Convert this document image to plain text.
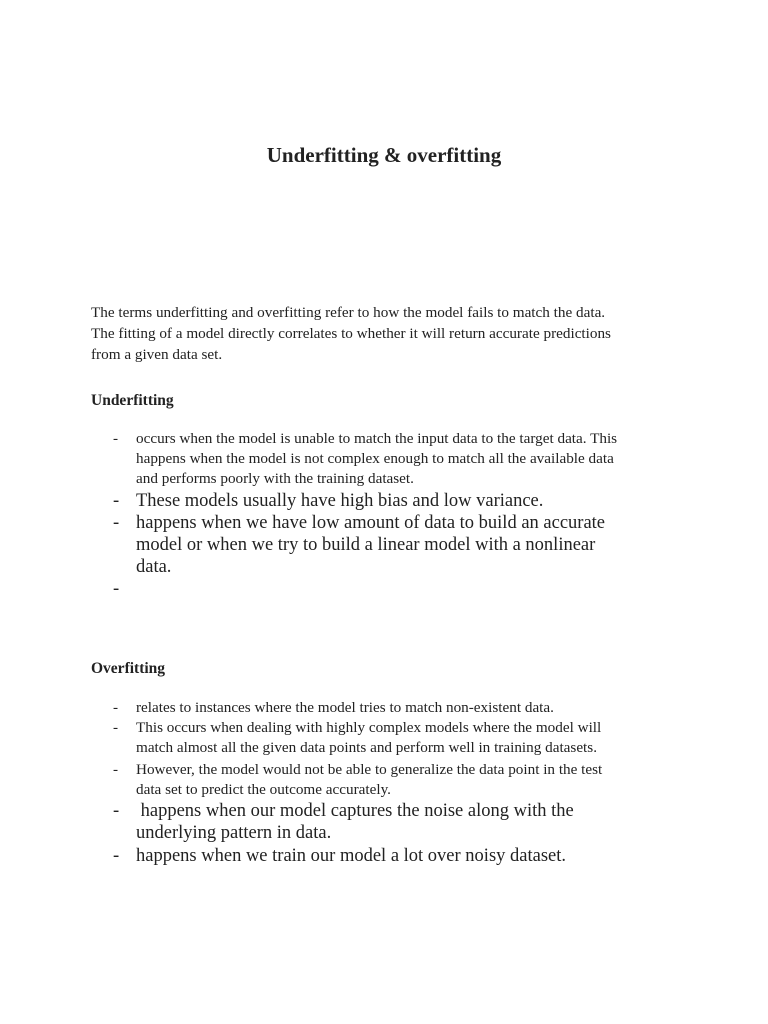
Underfitting & overfitting
The terms underfitting and overfitting refer to how the model fails to match the data.
The fitting of a model directly correlates to whether it will return accurate predictions
from a given data set.
Underfitting
- occurs when the model is unable to match the input data to the target data. This
happens when the model is not complex enough to match all the available data
and performs poorly with the training dataset.
- These models usually have high bias and low variance.
- happens when we have low amount of data to build an accurate
model or when we try to build a linear model with a nonlinear
data.
-
Overfitting
- relates to instances where the model tries to match non-existent data.
- This occurs when dealing with highly complex models where the model will
match almost all the given data points and perform well in training datasets.
- However, the model would not be able to generalize the data point in the test
data set to predict the outcome accurately.
- happens when our model captures the noise along with the
underlying pattern in data.
- happens when we train our model a lot over noisy dataset.
